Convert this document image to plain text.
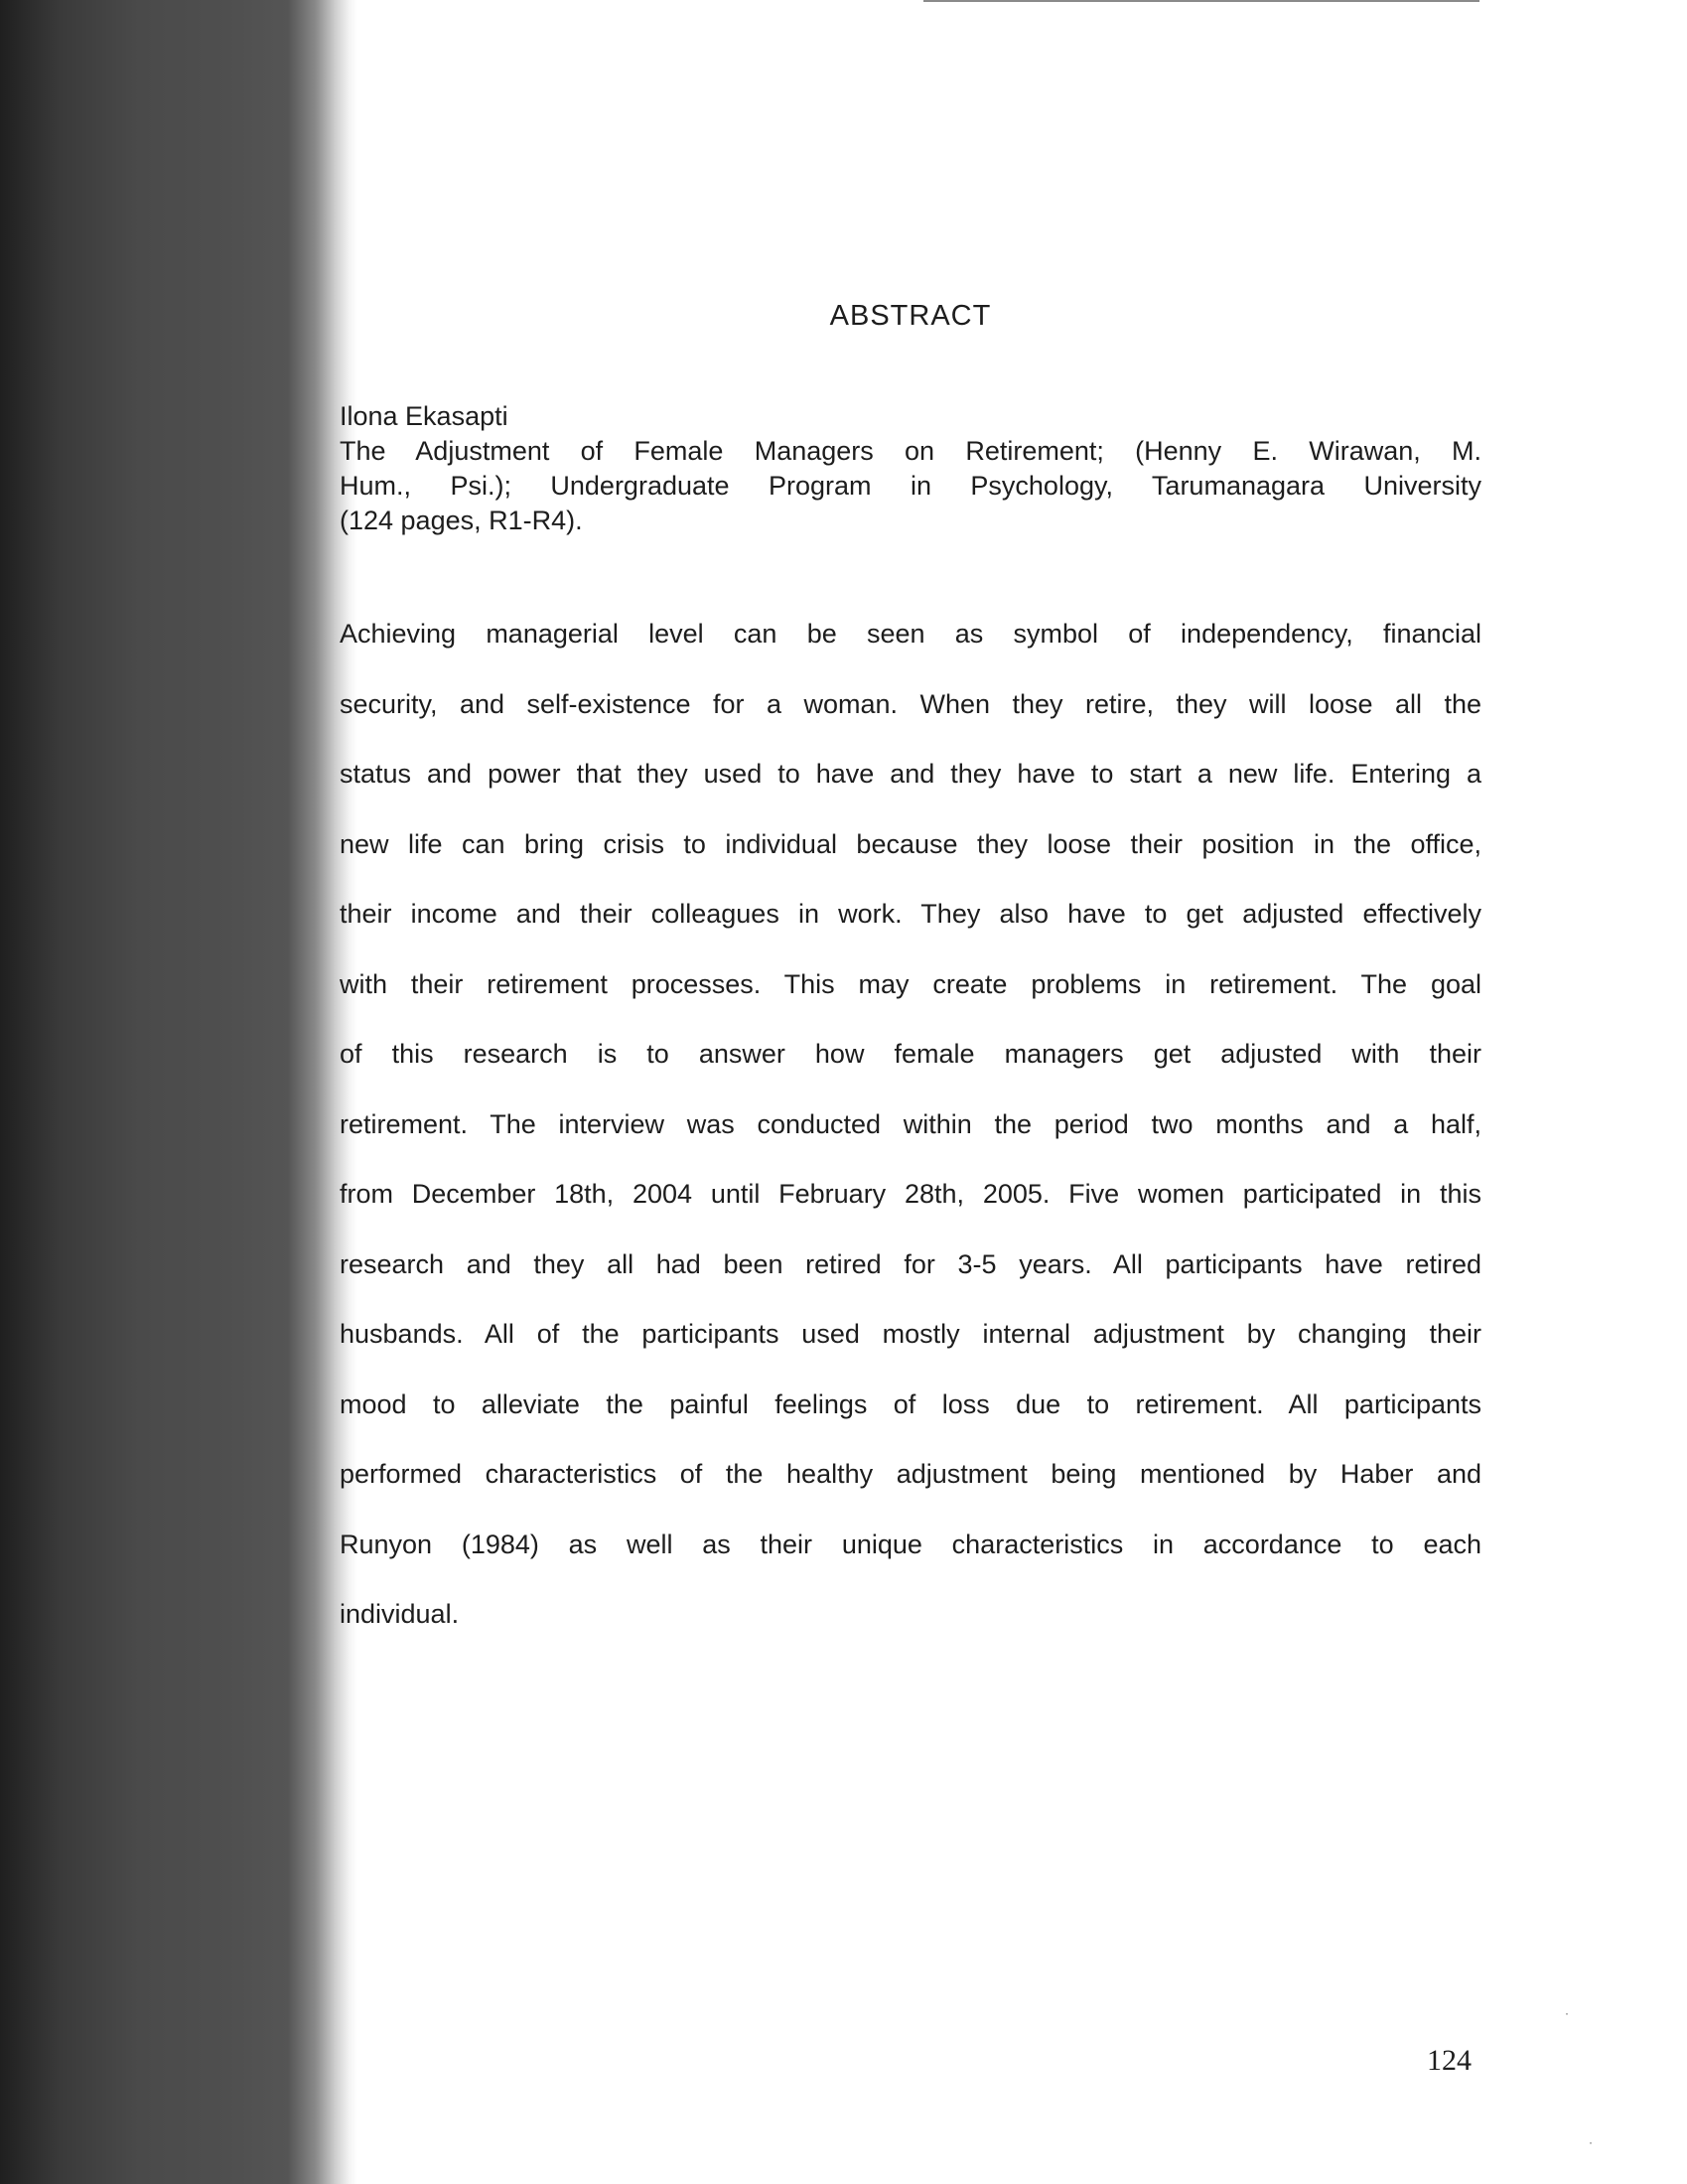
ABSTRACT
Ilona Ekasapti
The Adjustment of Female Managers on Retirement; (Henny E. Wirawan, M.
Hum., Psi.); Undergraduate Program in Psychology, Tarumanagara University
(124 pages, R1-R4).
Achieving managerial level can be seen as symbol of independency, financial
security, and self-existence for a woman. When they retire, they will loose all the
status and power that they used to have and they have to start a new life. Entering a
new life can bring crisis to individual because they loose their position in the office,
their income and their colleagues in work. They also have to get adjusted effectively
with their retirement processes. This may create problems in retirement. The goal
of this research is to answer how female managers get adjusted with their
retirement. The interview was conducted within the period two months and a half,
from December 18th, 2004 until February 28th, 2005. Five women participated in this
research and they all had been retired for 3-5 years. All participants have retired
husbands. All of the participants used mostly internal adjustment by changing their
mood to alleviate the painful feelings of loss due to retirement. All participants
performed characteristics of the healthy adjustment being mentioned by Haber and
Runyon (1984) as well as their unique characteristics in accordance to each
individual.
124
·
·
